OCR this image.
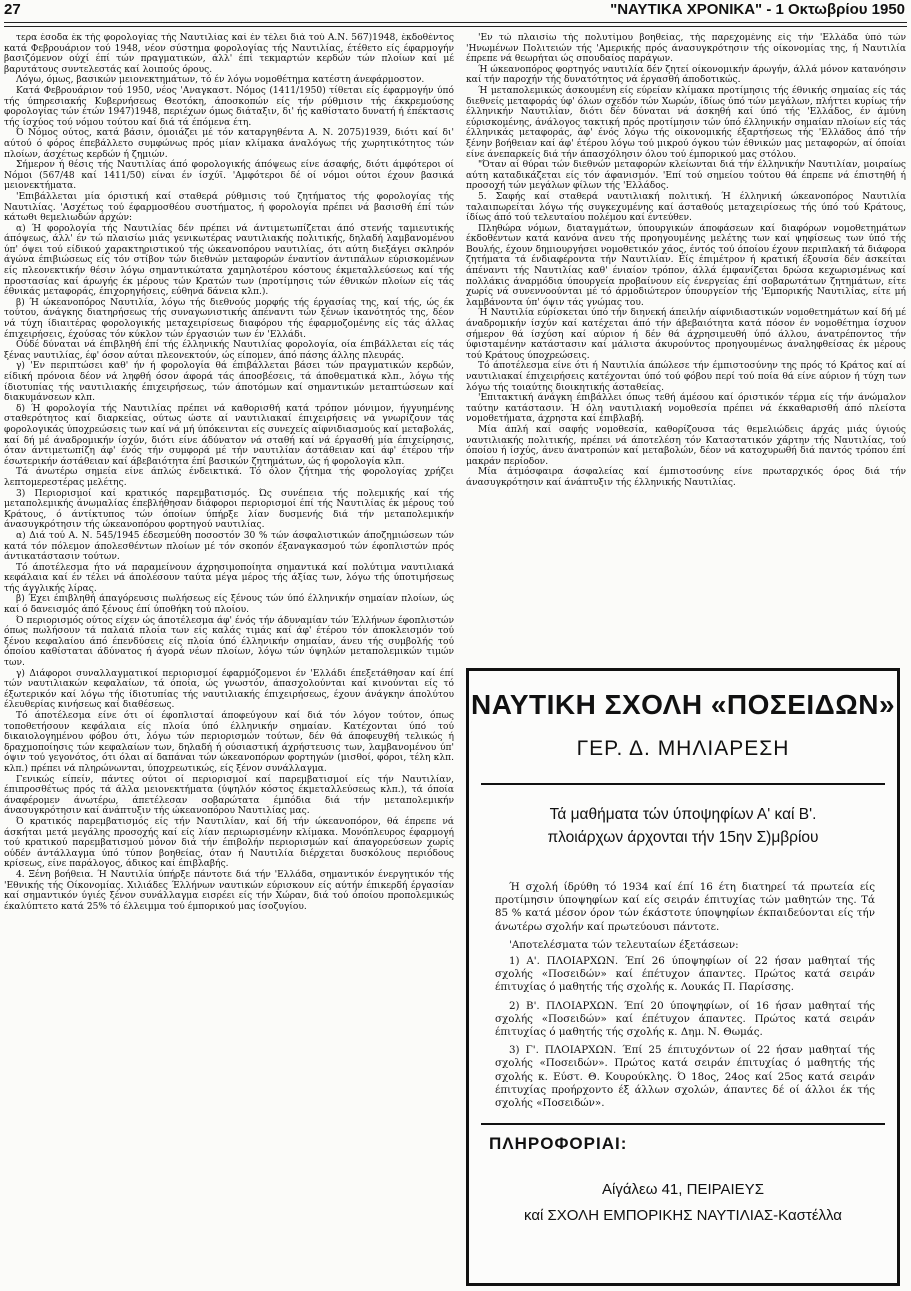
27	"ΝΑΥΤΙΚΑ ΧΡΟΝΙΚΑ" - 1 Οκτωβρίου 1950

τερα έσοδα έκ τής φορολογίας τής Ναυτιλίας καί έν τέλει διά τού Α.Ν. 567)1948, έκδοθέντος κατά Φεβρουάριον τού 1948, νέον σύστημα φορολογίας τής Ναυτιλίας, έτέθετο είς έφαρμογήν βασιζόμενον ούχί έπί τών πραγματικών, άλλ' έπί τεκμαρτών κερδών τών πλοίων καί μέ βαρυτάτους συντελεστάς καί λοιπούς όρους.

Λόγω, όμως, βασικών μειονεκτημάτων, τό έν λόγω νομοθέτημα κατέστη άνεφάρμοστον.

Κατά Φεβρουάριον τού 1950, νέος 'Αναγκαστ. Νόμος (1411/1950) τίθεται είς έφαρμογήν ύπό τής ύπηρεσιακής Κυβερνήσεως Θεοτόκη, άποσκοπών είς τήν ρύθμισιν τής έκκρεμούσης φορολογίας τών έτών 1947)1948, περιέχων όμως διάταξιν, δι' ής καθίστατο δυνατή ή έπέκτασις τής ίσχύος τού νόμου τούτου καί διά τά έπόμενα έτη.

Ό Νόμος ούτος, κατά βάσιν, όμοιάζει μέ τόν καταργηθέντα Α. Ν. 2075)1939, διότι καί δι' αύτού ό φόρος έπεβάλλετο συμφώνως πρός μίαν κλίμακα άναλόγως τής χωρητικότητος τών πλοίων, άσχέτως κερδών ή ζημιών.

Σήμερον ή θέσις τής Ναυτιλίας άπό φορολογικής άπόψεως είνε άσαφής, διότι άμφότεροι οί Νόμοι (567/48 καί 1411/50) είναι έν ίσχύϊ. 'Αμφότεροι δέ οί νόμοι ούτοι έχουν βασικά μειονεκτήματα.

'Επιβάλλεται μία όριστική καί σταθερά ρύθμισις τού ζητήματος τής φορολογίας τής Ναυτιλίας. 'Ασχέτως τού έφαρμοσθέου συστήματος, ή φορολογία πρέπει νά βασισθή έπί τών κάτωθι θεμελιωδών άρχών:

α) Ή φορολογία τής Ναυτιλίας δέν πρέπει νά άντιμετωπίζεται άπό στενής ταμιευτικής άπόψεως, άλλ' έν τώ πλαισίω μιάς γενικωτέρας ναυτιλιακής πολιτικής, δηλαδή λαμβανομένου ύπ' όψει τού είδικού χαρακτηριστικού τής ώκεανοπόρου ναυτιλίας, ότι αύτη διεξάγει σκληρόν άγώνα έπιβιώσεως είς τόν στίβον τών διεθνών μεταφορών έναντίον άντιπάλων εύρισκομένων είς πλεονεκτικήν θέσιν λόγω σημαντικώτατα χαμηλοτέρου κόστους έκμεταλλεύσεως καί τής προστασίας καί άρωγής έκ μέρους τών Κρατών των (προτίμησις τών έθνικών πλοίων είς τάς έθνικάς μεταφοράς, έπιχορηγήσεις, εύθηνά δάνεια κλπ.).

β) Ή ώκεανοπόρος Ναυτιλία, λόγω τής διεθνούς μορφής τής έργασίας της, καί τής, ώς έκ τούτου, άνάγκης διατηρήσεως τής συναγωνιστικής άπέναντι τών ξένων ίκανότητός της, δέον νά τύχη ίδιαιτέρας φορολογικής μεταχειρίσεως διαφόρου τής έφαρμοζομένης είς τάς άλλας έπιχειρήσεις, έχούσας τόν κύκλον τών έργασιών των έν 'Ελλάδι.

Ούδέ δύναται νά έπιβληθή έπί τής έλληνικής Ναυτιλίας φορολογία, οία έπιβάλλεται είς τάς ξένας ναυτιλίας, έφ' όσον αύται πλεονεκτούν, ώς είπομεν, άπό πάσης άλλης πλευράς.

γ) 'Εν περιπτώσει καθ' ήν ή φορολογία θά έπιβάλλεται βάσει τών πραγματικών κερδών, είδική πρόνοια δέον νά ληφθή όσον άφορά τάς άποσβέσεις, τά άποθεματικά κλπ., λόγω τής ίδιοτυπίας τής ναυτιλιακής έπιχειρήσεως, τών άποτόμων καί σημαντικών μεταπτώσεων καί διακυμάνσεων κλπ.

δ) Ή φορολογία τής Ναυτιλίας πρέπει νά καθορισθή κατά τρόπον μόνιμον, ήγγυημένης σταθερότητος καί διαρκείας, ούτως ώστε αί ναυτιλιακαί έπιχειρήσεις νά γνωρίζουν τάς φορολογικάς ύποχρεώσεις των καί νά μή ύπόκεινται είς συνεχείς αίφνιδιασμούς καί μεταβολάς, καί δή μέ άναδρομικήν ίσχύν, διότι είνε άδύνατον νά σταθή καί νά έργασθή μία έπιχείρησις, όταν άντιμετωπίζη άφ' ένός τήν συμφορά μέ τήν ναυτιλίαν άστάθειαν καί άφ' έτέρου τήν έσωτερικήν άστάθειαν καί άβεβαιότητα έπί βασικών ζητημάτων, ώς ή φορολογία κλπ.

Τά άνωτέρω σημεία είνε άπλώς ένδεικτικά. Τό όλον ζήτημα τής φορολογίας χρήζει λεπτομερεστέρας μελέτης.

3) Περιορισμοί καί κρατικός παρεμβατισμός. Ώς συνέπεια τής πολεμικής καί τής μεταπολεμικής άνωμαλίας έπεβλήθησαν διάφοροι περιορισμοί έπί τής Ναυτιλίας έκ μέρους τού Κράτους, ό άντίκτυπος τών όποίων ύπήρξε λίαν δυσμενής διά τήν μεταπολεμικήν άνασυγκρότησιν τής ώκεανοπόρου φορτηγού ναυτιλίας.

α) Διά τού Α. Ν. 545/1945 έδεσμεύθη ποσοστόν 30 % τών άσφαλιστικών άποζημιώσεων τών κατά τόν πόλεμον άπολεσθέντων πλοίων μέ τόν σκοπόν έξαναγκασμού τών έφοπλιστών πρός άντικατάστασιν τούτων.

Τό άποτέλεσμα ήτο νά παραμείνουν άχρησιμοποίητα σημαντικά καί πολύτιμα ναυτιλιακά κεφάλαια καί έν τέλει νά άπολέσουν ταύτα μέγα μέρος τής άξίας των, λόγω τής ύποτιμήσεως τής άγγλικής λίρας.

β) Έχει έπιβληθή άπαγόρευσις πωλήσεως είς ξένους τών ύπό έλληνικήν σημαίαν πλοίων, ώς καί ό δανεισμός άπό ξένους έπί ύποθήκη τού πλοίου.

Ό περιορισμός ούτος είχεν ώς άποτέλεσμα άφ' ένός τήν άδυναμίαν τών Έλλήνων έφοπλιστών όπως πωλήσουν τά παλαιά πλοία των είς καλάς τιμάς καί άφ' έτέρου τόν άποκλεισμόν τού ξένου κεφαλαίου άπό έπενδύσεις είς πλοία ύπό έλληνικήν σημαίαν, άνευ τής συμβολής τού όποίου καθίσταται άδύνατος ή άγορά νέων πλοίων, λόγω τών ύψηλών μεταπολεμικών τιμών των.

γ) Διάφοροι συναλλαγματικοί περιορισμοί έφαρμόζομενοι έν 'Ελλάδι έπεξετάθησαν καί έπί τών ναυτιλιακών κεφαλαίων, τά όποία, ώς γνωστόν, άπασχολούνται καί κινούνται είς τό έξωτερικόν καί λόγω τής ίδιοτυπίας τής ναυτιλιακής έπιχειρήσεως, έχουν άνάγκην άπολύτου έλευθερίας κινήσεως καί διαθέσεως.

Τό άποτέλεσμα είνε ότι οί έφοπλισταί άποφεύγουν καί διά τόν λόγον τούτον, όπως τοποθετήσουν κεφάλαια είς πλοία ύπό έλληνικήν σημαίαν. Κατέχονται ύπό τού δικαιολογημένου φόβου ότι, λόγω τών περιορισμών τούτων, δέν θά άποφευχθή τελικώς ή δραχμοποίησις τών κεφαλαίων των, δηλαδή ή ούσιαστική άχρήστευσις των, λαμβανομένου ύπ' όψιν τού γεγονότος, ότι όλαι αί δαπάναι τών ώκεανοπόρων φορτηγών (μισθοί, φόροι, τέλη κλπ. κλπ.) πρέπει νά πληρώνωνται, ύποχρεωτικώς, είς ξένον συνάλλαγμα.

Γενικώς είπείν, πάντες ούτοι οί περιορισμοί καί παρεμβατισμοί είς τήν Ναυτιλίαν, έπιπροσθέτως πρός τά άλλα μειονεκτήματα (ύψηλόν κόστος έκμεταλλεύσεως κλπ.), τά όποία άναφέρομεν άνωτέρω, άπετέλεσαν σοβαρώτατα έμπόδια διά τήν μεταπολεμικήν άνασυγκρότησιν καί άνάπτυξιν τής ώκεανοπόρου Ναυτιλίας μας.

Ό κρατικός παρεμβατισμός είς τήν Ναυτιλίαν, καί δή τήν ώκεανοπόρον, θά έπρεπε νά άσκήται μετά μεγάλης προσοχής καί είς λίαν περιωρισμένην κλίμακα. Μονόπλευρος έφαρμογή τού κρατικού παρεμβατισμού μόνον διά τήν έπιβολήν περιορισμών καί άπαγορεύσεων χωρίς ούδέν άντάλλαγμα ύπό τύπον βοηθείας, όταν ή Ναυτιλία διέρχεται δυσκόλους περιόδους κρίσεως, είνε παράλογος, άδικος καί έπιβλαβής.

4. Ξένη βοήθεια. Ή Ναυτιλία ύπήρξε πάντοτε διά τήν 'Ελλάδα, σημαντικόν ένεργητικόν τής 'Εθνικής τής Οίκονομίας. Χιλιάδες Έλλήνων ναυτικών εύρισκουν είς αύτήν έπικερδή έργασίαν καί σημαντικόν ύγιές ξένον συνάλλαγμα εισρέει είς τήν Χώραν, διά τού όποίου προπολεμικώς έκαλύπτετο κατά 25% τό έλλειμμα τού έμπορικού μας ίσοζυγίου.

'Εν τώ πλαισίω τής πολυτίμου βοηθείας, τής παρεχομένης είς τήν 'Ελλάδα ύπό τών 'Ηνωμένων Πολιτειών τής 'Αμερικής πρός άνασυγκρότησιν τής οίκονομίας της, ή Ναυτιλία έπρεπε νά θεωρήται ώς σπουδαίος παράγων.

Ή ώκεανοπόρος φορτηγός ναυτιλία δέν ζητεί οίκονομικήν άρωγήν, άλλά μόνον κατανόησιν καί τήν παροχήν τής δυνατότητος νά έργασθή άποδοτικώς.

Ή μεταπολεμικώς άσκουμένη είς εύρείαν κλίμακα προτίμησις τής έθνικής σημαίας είς τάς διεθνείς μεταφοράς ύφ' όλων σχεδόν τών Χωρών, ίδίως ύπό τών μεγάλων, πλήττει κυρίως τήν έλληνικήν Ναυτιλίαν, διότι δέν δύναται νά άσκηθή καί ύπό τής 'Ελλάδος, έν άμύνη εύρισκομένης, άνάλογος τακτική πρός προτίμησιν τών ύπό έλληνικήν σημαίαν πλοίων είς τάς έλληνικάς μεταφοράς, άφ' ένός λόγω τής οίκονομικής έξαρτήσεως τής 'Ελλάδος άπό τήν ξένην βοήθειαν καί άφ' έτέρου λόγω τού μικρού όγκου τών έθνικών μας μεταφορών, αί όποίαι είνε άνεπαρκείς διά τήν άπασχόλησιν όλου τού έμπορικού μας στόλου.

"Όταν αί θύραι τών διεθνών μεταφορών κλείωνται διά τήν έλληνικήν Ναυτιλίαν, μοιραίως αύτη καταδικάζεται είς τόν άφανισμόν. 'Επί τού σημείου τούτου θά έπρεπε νά έπιστηθή ή προσοχή τών μεγάλων φίλων τής 'Ελλάδος.

5. Σαφής καί σταθερά ναυτιλιακή πολιτική. Ή έλληνική ώκεανοπόρος Ναυτιλία ταλαιπωρείται λόγω τής συγκεχυμένης καί άσταθούς μεταχειρίσεως τής ύπό τού Κράτους, ίδίως άπό τού τελευταίου πολέμου καί έντεύθεν.

Πληθώρα νόμων, διαταγμάτων, ύπουργικών άποφάσεων καί διαφόρων νομοθετημάτων έκδοθέντων κατά κανόνα άνευ τής προηγουμένης μελέτης των καί ψηφίσεως των ύπό τής Βουλής, έχουν δημιουργήσει νομοθετικόν χάος, έντός τού όποίου έχουν περιπλακή τά διάφορα ζητήματα τά ένδιαφέροντα τήν Ναυτιλίαν. Είς έπιμέτρον ή κρατική έξουσία δέν άσκείται άπέναντι τής Ναυτιλίας καθ' ένιαίον τρόπον, άλλά έμφανίζεται δρώσα κεχωρισμένως καί πολλάκις άναρμόδια ύπουργεία προβαίνουν είς ένεργείας έπί σοβαρωτάτων ζητημάτων, είτε χωρίς νά συνεννοούνται μέ τό άρμοδιώτερον ύπουργείον τής 'Εμπορικής Ναυτιλίας, είτε μή λαμβάνοντα ύπ' όψιν τάς γνώμας του.

Ή Ναυτιλία εύρίσκεται ύπό τήν διηνεκή άπειλήν αίφνιδιαστικών νομοθετημάτων καί δή μέ άναδρομικήν ίσχύν καί κατέχεται άπό τήν άβεβαιότητα κατά πόσον έν νομοθέτημα ίσχυον σήμερον θά ίσχύση καί αύριον ή δέν θά άχρησιμευθή ύπό άλλου, άνατρέποντος τήν ύφισταμένην κατάστασιν καί μάλιστα άκυρούντος προηγουμένως άναληφθείσας έκ μέρους τού Κράτους ύποχρεώσεις.

Τό άποτέλεσμα είνε ότι ή Ναυτιλία άπώλεσε τήν έμπιστοσύνην της πρός τό Κράτος καί αί ναυτιλιακαί έπιχειρήσεις κατέχονται ύπό τού φόβου περί τού ποία θά είνε αύριον ή τύχη των λόγω τής τοιαύτης διοικητικής άσταθείας.

'Επιτακτική άνάγκη έπιβάλλει όπως τεθή άμέσου καί όριστικόν τέρμα είς τήν άνώμαλον ταύτην κατάστασιν. Ή όλη ναυτιλιακή νομοθεσία πρέπει νά έκκαθαρισθή άπό πλείστα νομοθετήματα, άχρηστα καί έπιβλαβή.

Μία άπλή καί σαφής νομοθεσία, καθορίζουσα τάς θεμελιώδεις άρχάς μιάς ύγιούς ναυτιλιακής πολιτικής, πρέπει νά άποτελέση τόν Καταστατικόν χάρτην τής Ναυτιλίας, τού όποίου ή ίσχύς, άνευ άνατροπών καί μεταβολών, δέον νά κατοχυρωθή διά παντός τρόπου έπί μακράν περίοδον.

Μία άτμόσφαιρα άσφαλείας καί έμπιστοσύνης είνε πρωταρχικός όρος διά τήν άνασυγκρότησιν καί άνάπτυξιν τής έλληνικής Ναυτιλίας.

ΝΑΥΤΙΚΗ ΣΧΟΛΗ «ΠΟΣΕΙΔΩΝ»
ΓΕΡ. Δ. ΜΗΛΙΑΡΕΣΗ
Τά μαθήματα τών ύποψηφίων Α' καί Β'.
πλοιάρχων άρχονται τήν 15ην Σ)μβρίου

Ή σχολή ίδρύθη τό 1934 καί έπί 16 έτη διατηρεί τά πρωτεία είς προτίμησιν ύποψηφίων καί είς σειράν έπιτυχίας τών μαθητών της. Τά 85 % κατά μέσον όρον τών έκάστοτε ύποψηφίων έκπαιδεύονται είς τήν άνωτέρω σχολήν καί πρωτεύουσι πάντοτε.

'Αποτελέσματα τών τελευταίων έξετάσεων:

1) Α'. ΠΛΟΙΑΡΧΩΝ. Έπί 26 ύποψηφίων οί 22 ήσαν μαθηταί τής σχολής «Ποσειδών» καί έπέτυχον άπαντες. Πρώτος κατά σειράν έπιτυχίας ό μαθητής τής σχολής κ. Λουκάς Π. Παρίσσης.

2) Β'. ΠΛΟΙΑΡΧΩΝ. Έπί 20 ύποψηφίων, οί 16 ήσαν μαθηταί τής σχολής «Ποσειδών» καί έπέτυχον άπαντες. Πρώτος κατά σειράν έπιτυχίας ό μαθητής τής σχολής κ. Δημ. Ν. Θωμάς.

3) Γ'. ΠΛΟΙΑΡΧΩΝ. Έπί 25 έπιτυχόντων οί 22 ήσαν μαθηταί τής σχολής «Ποσειδών». Πρώτος κατά σειράν έπιτυχίας ό μαθητής τής σχολής κ. Εύστ. Θ. Κουρούκλης. Ό 18ος, 24ος καί 25ος κατά σειράν έπιτυχίας προήρχοντο έξ άλλων σχολών, άπαντες δέ οί άλλοι έκ τής σχολής «Ποσειδών».

ΠΛΗΡΟΦΟΡΙΑΙ:
Αίγάλεω 41, ΠΕΙΡΑΙΕΥΣ
καί ΣΧΟΛΗ ΕΜΠΟΡΙΚΗΣ ΝΑΥΤΙΛΙΑΣ-Καστέλλα
